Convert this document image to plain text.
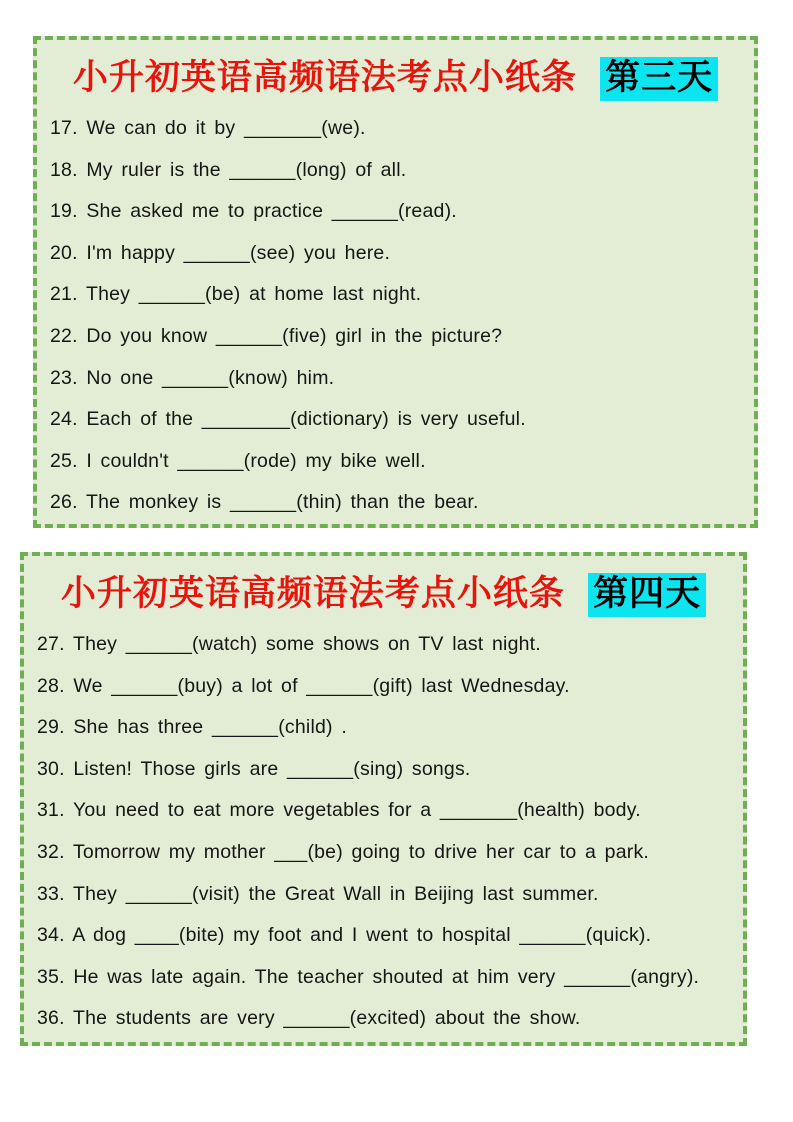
小升初英语高频语法考点小纸条 第三天
17. We can do it by _______(we).
18. My ruler is the ______(long) of all.
19. She asked me to practice ______(read).
20. I'm happy ______(see) you here.
21. They ______(be) at home last night.
22. Do you know ______(five) girl in the picture?
23. No one ______(know) him.
24. Each of the ________(dictionary) is very useful.
25. I couldn't ______(rode) my bike well.
26. The monkey is ______(thin) than the bear.
小升初英语高频语法考点小纸条 第四天
27. They ______(watch) some shows on TV last night.
28. We ______(buy) a lot of ______(gift) last Wednesday.
29. She has three ______(child) .
30. Listen! Those girls are ______(sing) songs.
31. You need to eat more vegetables for a _______(health) body.
32. Tomorrow my mother ___(be) going to drive her car to a park.
33. They ______(visit) the Great Wall in Beijing last summer.
34. A dog ____(bite) my foot and I went to hospital ______(quick).
35. He was late again. The teacher shouted at him very ______(angry).
36. The students are very ______(excited) about the show.
